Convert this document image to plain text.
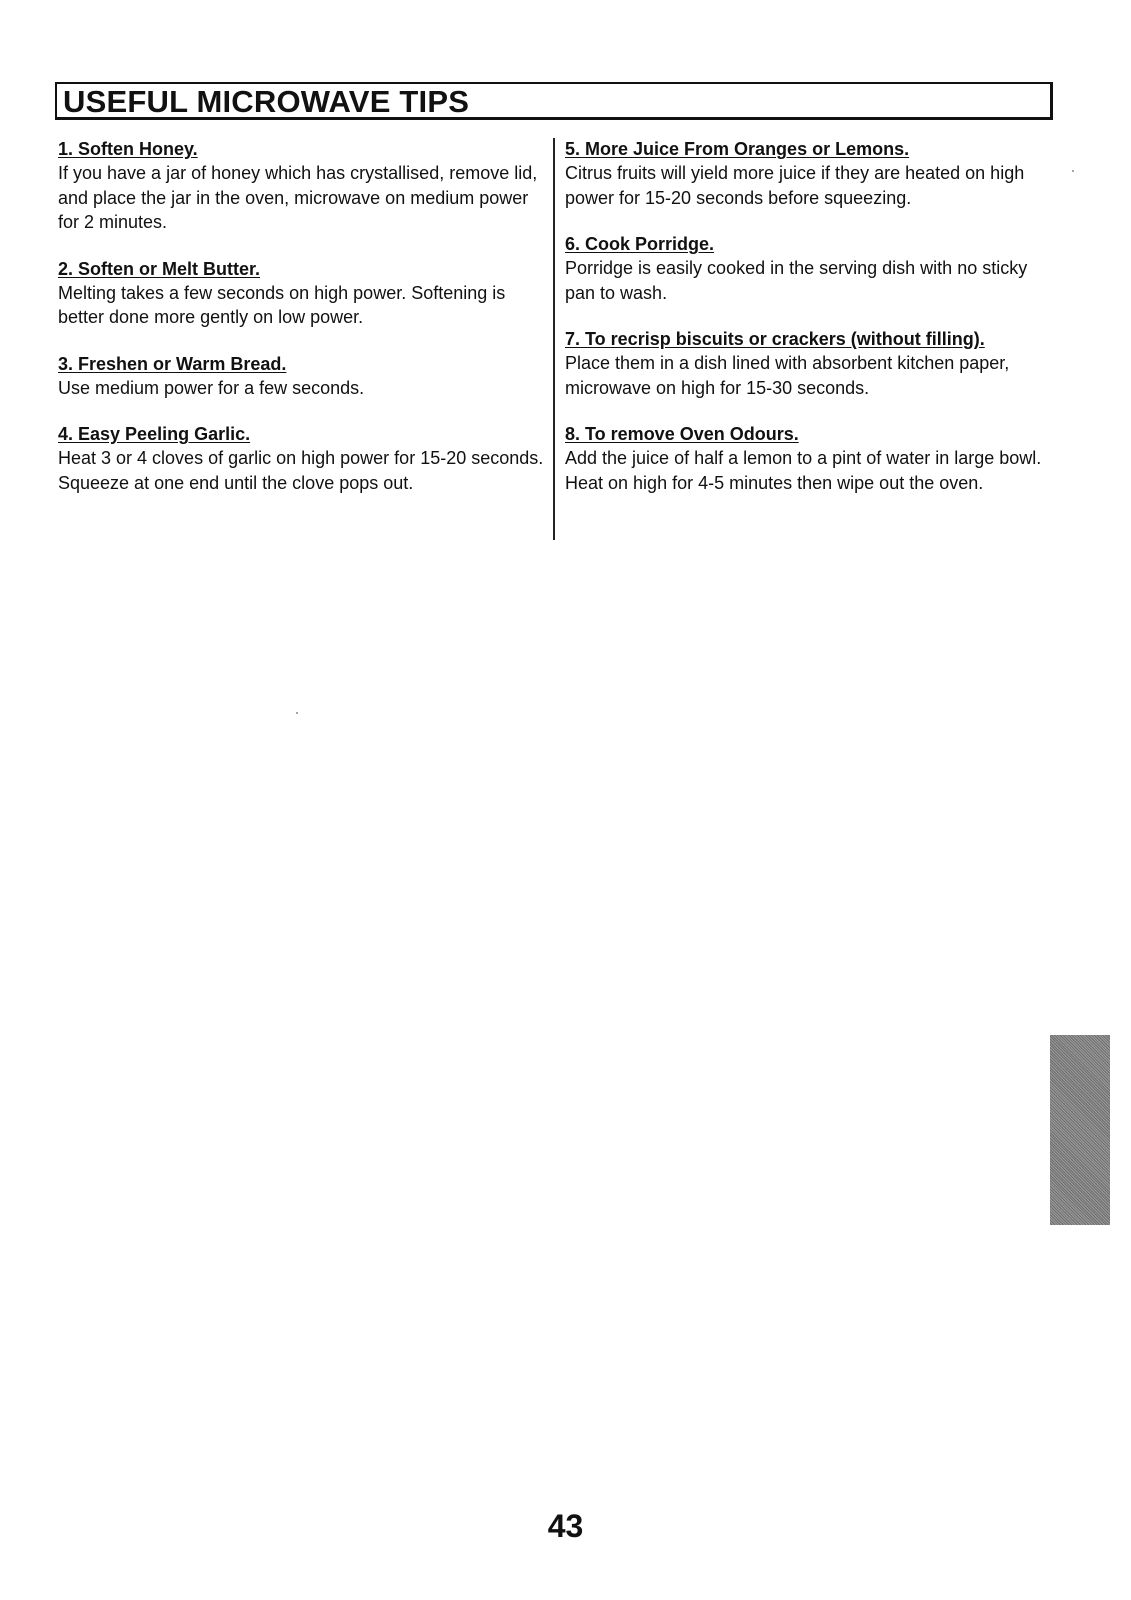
USEFUL MICROWAVE TIPS
1. Soften Honey.
If you have a jar of honey which has crystallised, remove lid, and place the jar in the oven, microwave on medium power for 2 minutes.
2. Soften or Melt Butter.
Melting takes a few seconds on high power. Softening is better done more gently on low power.
3. Freshen or Warm Bread.
Use medium power for a few seconds.
4. Easy Peeling Garlic.
Heat 3 or 4 cloves of garlic on high power for 15-20 seconds. Squeeze at one end until the clove pops out.
5. More Juice From Oranges or Lemons.
Citrus fruits will yield more juice if they are heated on high power for 15-20 seconds before squeezing.
6. Cook Porridge.
Porridge is easily cooked in the serving dish with no sticky pan to wash.
7. To recrisp biscuits or crackers (without filling).
Place them in a dish lined with absorbent kitchen paper, microwave on high for 15-30 seconds.
8. To remove Oven Odours.
Add the juice of half a lemon to a pint of water in large bowl. Heat on high for 4-5 minutes then wipe out the oven.
43
